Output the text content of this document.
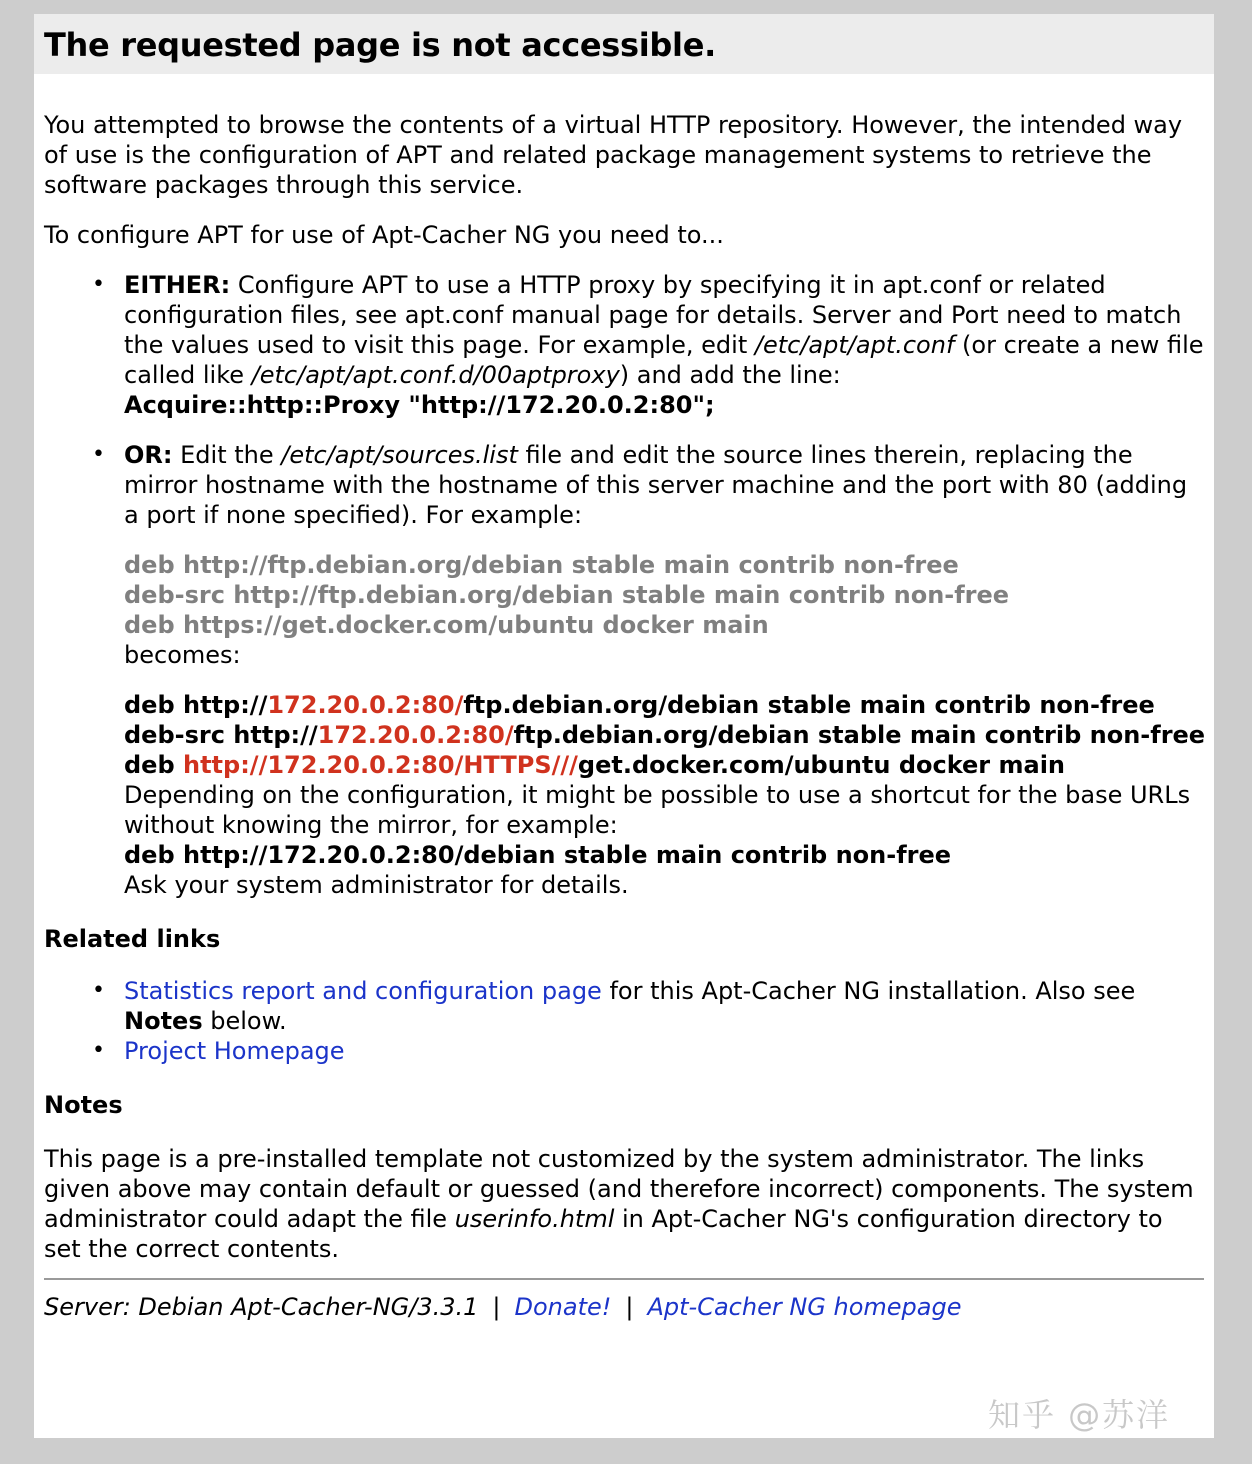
The requested page is not accessible.

You attempted to browse the contents of a virtual HTTP repository. However, the intended way of use is the configuration of APT and related package management systems to retrieve the software packages through this service.

To configure APT for use of Apt-Cacher NG you need to...

• EITHER: Configure APT to use a HTTP proxy by specifying it in apt.conf or related configuration files, see apt.conf manual page for details. Server and Port need to match the values used to visit this page. For example, edit /etc/apt/apt.conf (or create a new file called like /etc/apt/apt.conf.d/00aptproxy) and add the line:

Acquire::http::Proxy "http://172.20.0.2:80";

• OR: Edit the /etc/apt/sources.list file and edit the source lines therein, replacing the mirror hostname with the hostname of this server machine and the port with 80 (adding a port if none specified). For example:

deb http://ftp.debian.org/debian stable main contrib non-free
deb-src http://ftp.debian.org/debian stable main contrib non-free
deb https://get.docker.com/ubuntu docker main

becomes:

deb http://172.20.0.2:80/ftp.debian.org/debian stable main contrib non-free
deb-src http://172.20.0.2:80/ftp.debian.org/debian stable main contrib non-free
deb http://172.20.0.2:80/HTTPS///get.docker.com/ubuntu docker main

Depending on the configuration, it might be possible to use a shortcut for the base URLs without knowing the mirror, for example:

deb http://172.20.0.2:80/debian stable main contrib non-free

Ask your system administrator for details.

Related links
• Statistics report and configuration page for this Apt-Cacher NG installation. Also see Notes below.
• Project Homepage
Notes

This page is a pre-installed template not customized by the system administrator. The links given above may contain default or guessed (and therefore incorrect) components. The system administrator could adapt the file userinfo.html in Apt-Cacher NG's configuration directory to set the correct contents.

Server: Debian Apt-Cacher-NG/3.3.1 | Donate! | Apt-Cacher NG homepage
知乎 @苏洋
